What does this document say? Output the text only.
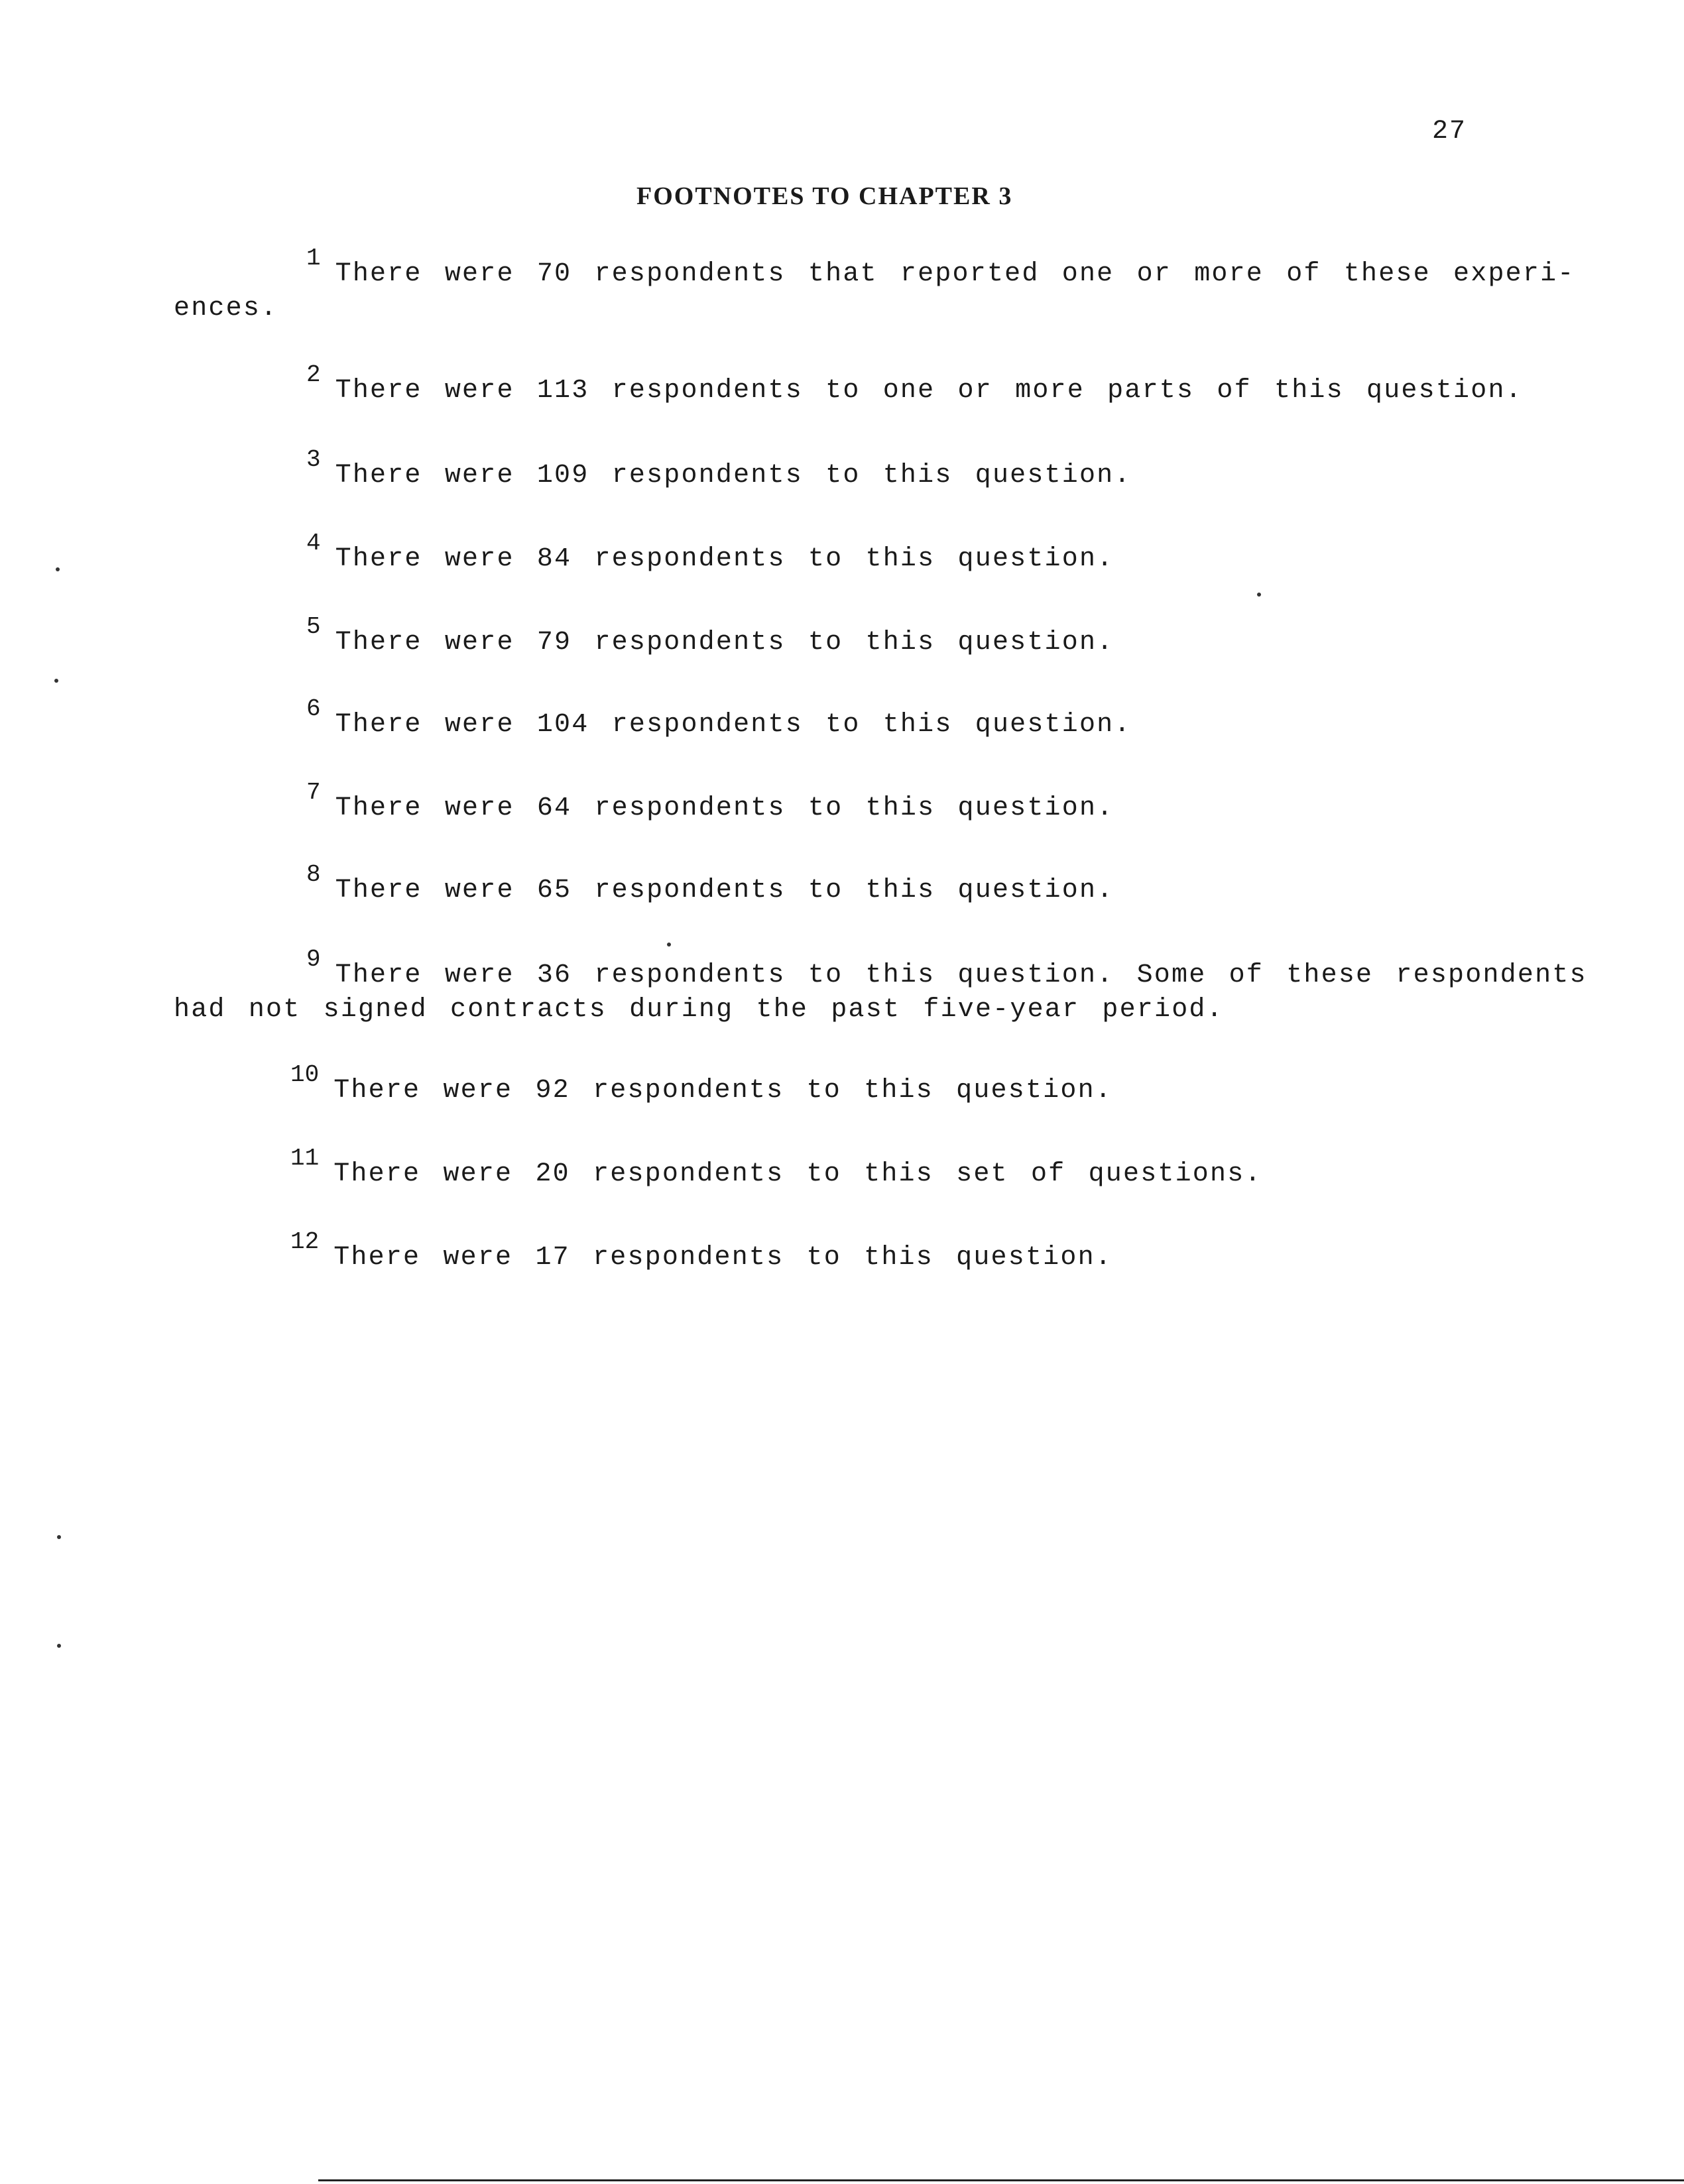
27
FOOTNOTES TO CHAPTER 3
1There were 70 respondents that reported one or more of these experi-
ences.
2There were 113 respondents to one or more parts of this question.
3There were 109 respondents to this question.
4There were 84 respondents to this question.
5There were 79 respondents to this question.
6There were 104 respondents to this question.
7There were 64 respondents to this question.
8There were 65 respondents to this question.
9There were 36 respondents to this question. Some of these respondents
had not signed contracts during the past five-year period.
10There were 92 respondents to this question.
11There were 20 respondents to this set of questions.
12There were 17 respondents to this question.
